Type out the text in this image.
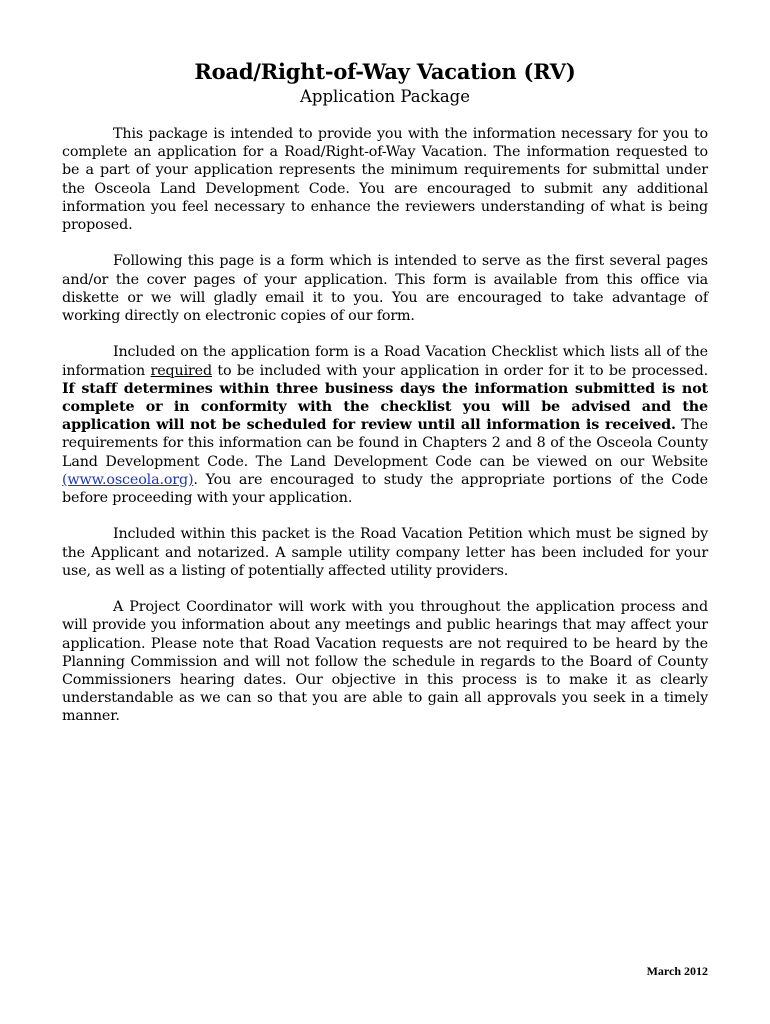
Road/Right-of-Way Vacation (RV)

Application Package

This package is intended to provide you with the information necessary for you to complete an application for a Road/Right-of-Way Vacation. The information requested to be a part of your application represents the minimum requirements for submittal under the Osceola Land Development Code. You are encouraged to submit any additional information you feel necessary to enhance the reviewers understanding of what is being proposed.

Following this page is a form which is intended to serve as the first several pages and/or the cover pages of your application. This form is available from this office via diskette or we will gladly email it to you. You are encouraged to take advantage of working directly on electronic copies of our form.

Included on the application form is a Road Vacation Checklist which lists all of the information required to be included with your application in order for it to be processed. If staff determines within three business days the information submitted is not complete or in conformity with the checklist you will be advised and the application will not be scheduled for review until all information is received. The requirements for this information can be found in Chapters 2 and 8 of the Osceola County Land Development Code. The Land Development Code can be viewed on our Website (www.osceola.org). You are encouraged to study the appropriate portions of the Code before proceeding with your application.

Included within this packet is the Road Vacation Petition which must be signed by the Applicant and notarized. A sample utility company letter has been included for your use, as well as a listing of potentially affected utility providers.

A Project Coordinator will work with you throughout the application process and will provide you information about any meetings and public hearings that may affect your application. Please note that Road Vacation requests are not required to be heard by the Planning Commission and will not follow the schedule in regards to the Board of County Commissioners hearing dates. Our objective in this process is to make it as clearly understandable as we can so that you are able to gain all approvals you seek in a timely manner.

March 2012
